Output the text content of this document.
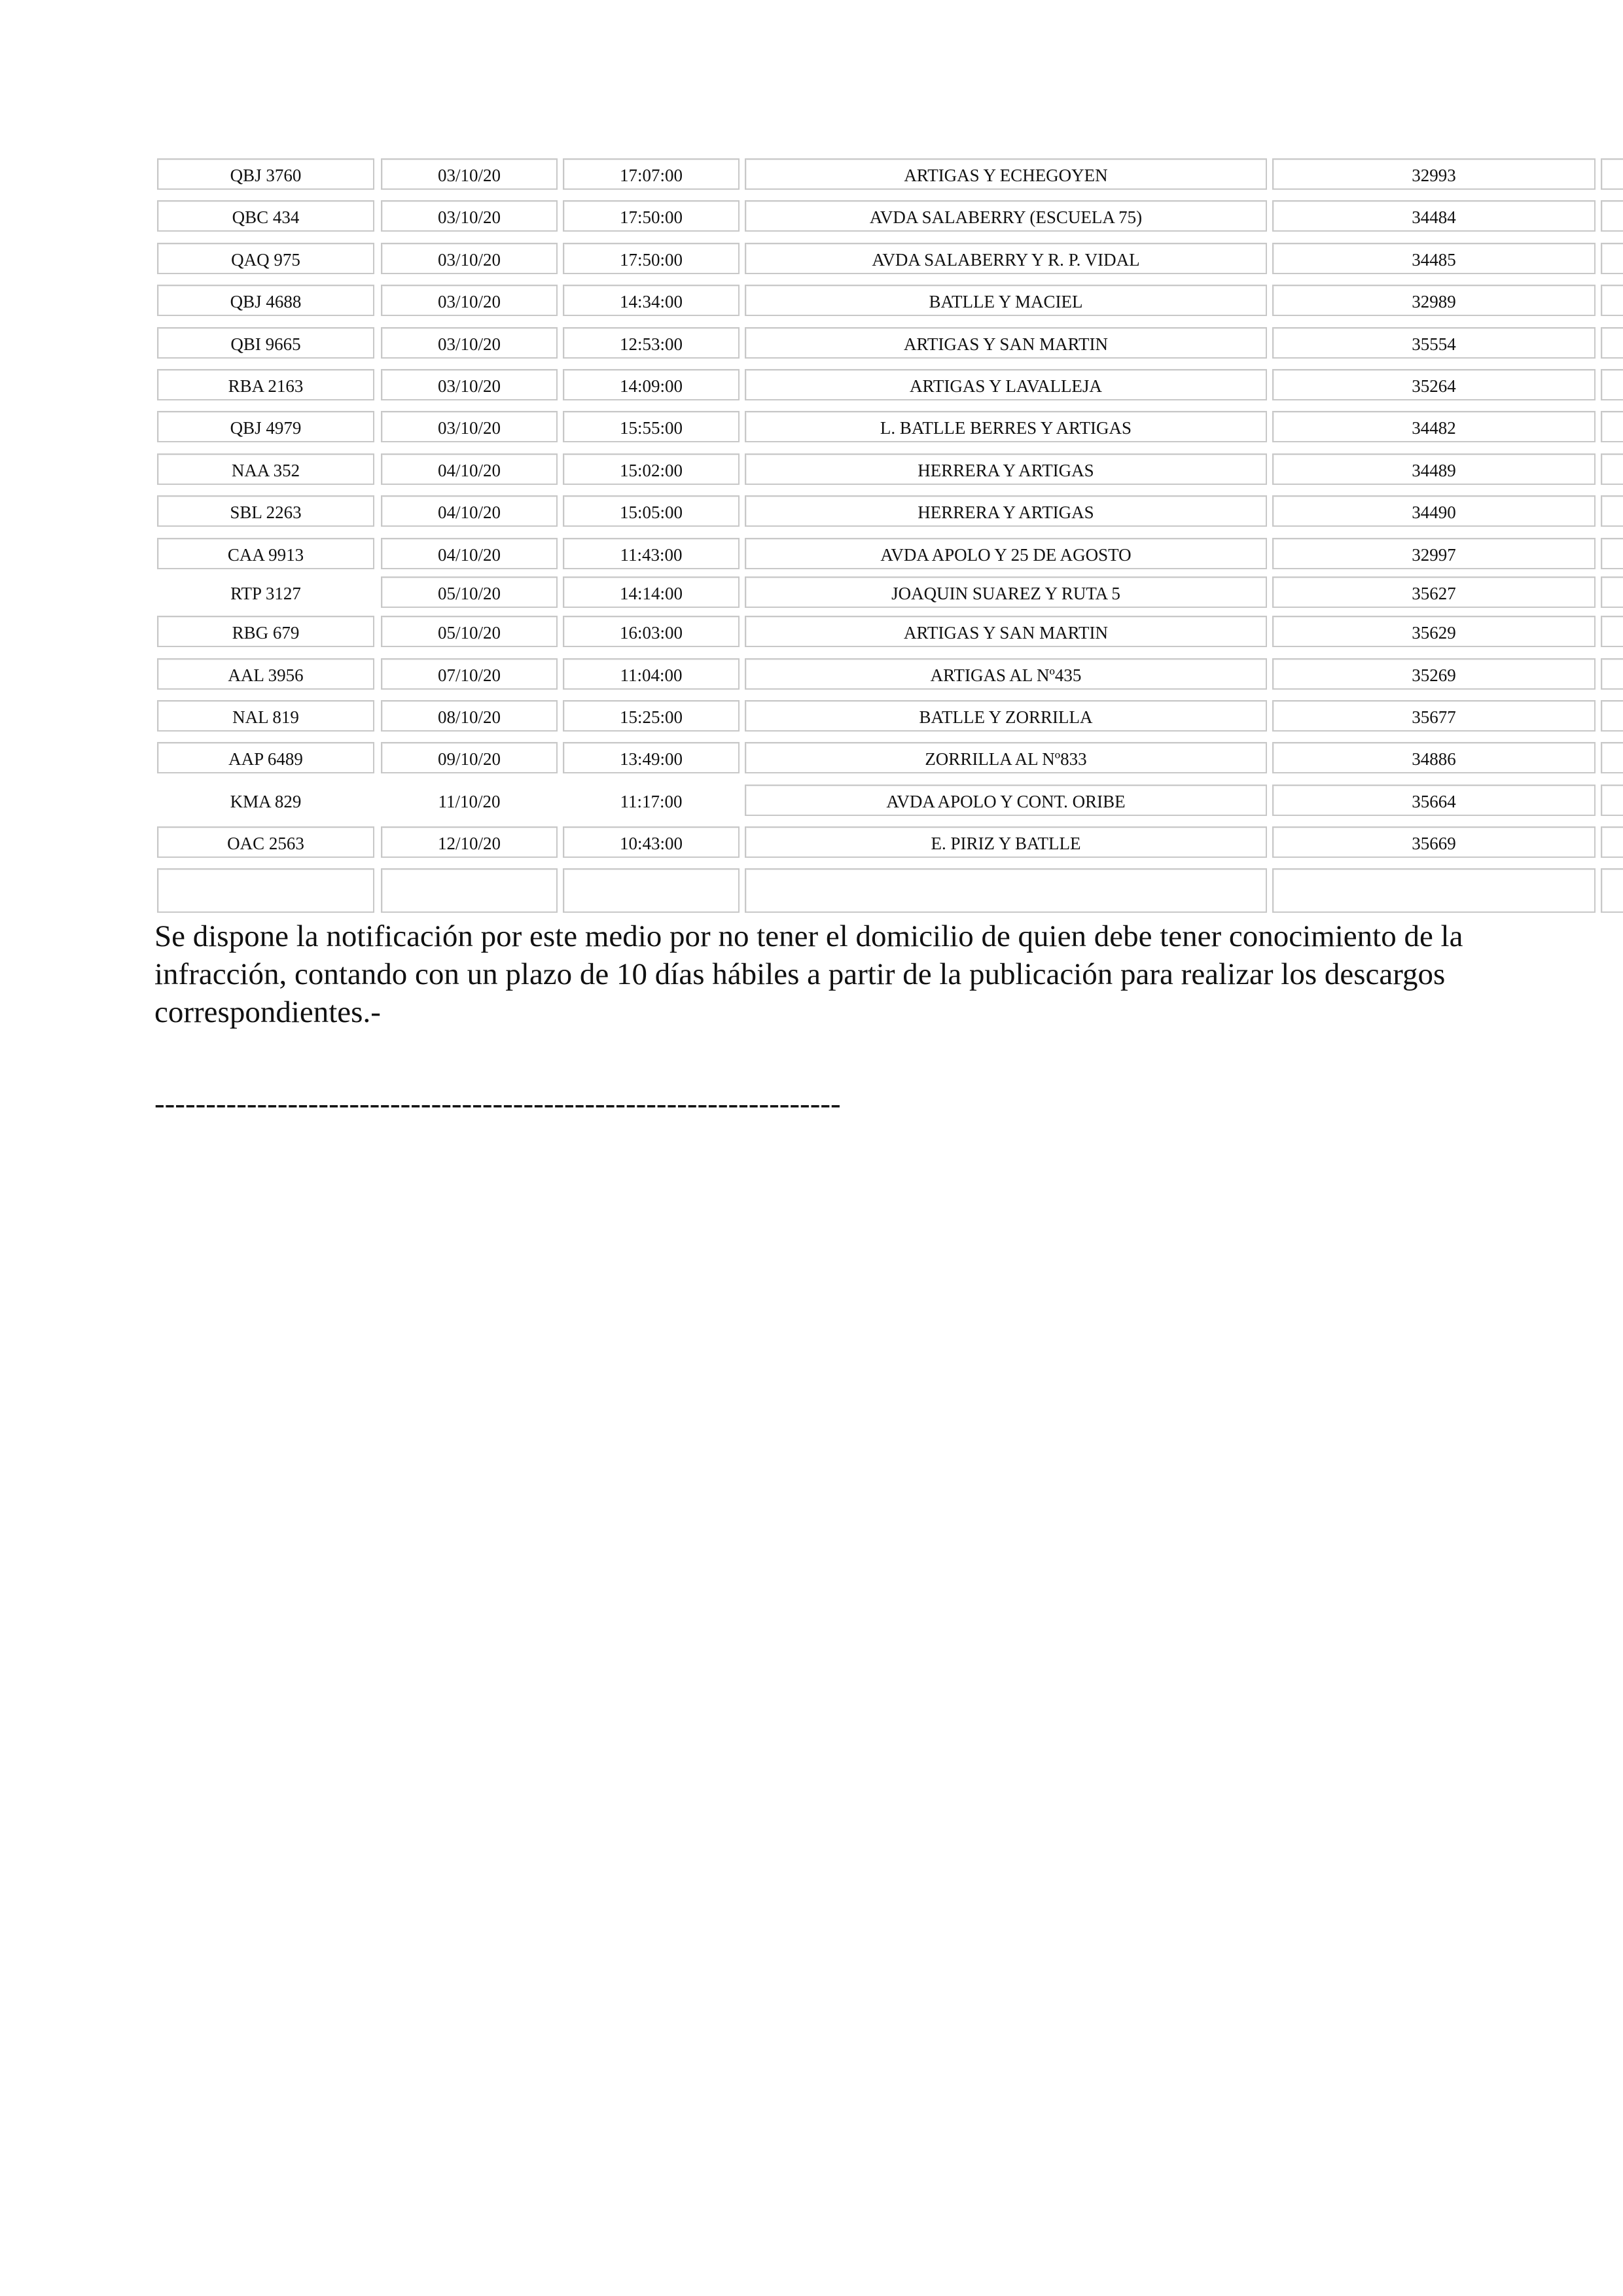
QBJ 3760	03/10/20	17:07:00	ARTIGAS Y ECHEGOYEN	32993
QBC 434	03/10/20	17:50:00	AVDA SALABERRY (ESCUELA 75)	34484
QAQ 975	03/10/20	17:50:00	AVDA SALABERRY Y R. P. VIDAL	34485
QBJ 4688	03/10/20	14:34:00	BATLLE Y MACIEL	32989
QBI 9665	03/10/20	12:53:00	ARTIGAS Y SAN MARTIN	35554
RBA 2163	03/10/20	14:09:00	ARTIGAS Y LAVALLEJA	35264
QBJ 4979	03/10/20	15:55:00	L. BATLLE BERRES Y ARTIGAS	34482
NAA 352	04/10/20	15:02:00	HERRERA Y ARTIGAS	34489
SBL 2263	04/10/20	15:05:00	HERRERA Y ARTIGAS	34490
CAA 9913	04/10/20	11:43:00	AVDA APOLO Y 25 DE AGOSTO	32997
RTP 3127	05/10/20	14:14:00	JOAQUIN SUAREZ Y RUTA 5	35627
RBG 679	05/10/20	16:03:00	ARTIGAS Y SAN MARTIN	35629
AAL 3956	07/10/20	11:04:00	ARTIGAS AL Nº435	35269
NAL 819	08/10/20	15:25:00	BATLLE Y ZORRILLA	35677
AAP 6489	09/10/20	13:49:00	ZORRILLA AL Nº833	34886
KMA 829	11/10/20	11:17:00	AVDA APOLO Y CONT. ORIBE	35664
OAC 2563	12/10/20	10:43:00	E. PIRIZ Y BATLLE	35669

Se dispone la notificación por este medio por no tener el domicilio de quien debe tener conocimiento de la infracción, contando con un plazo de 10 días hábiles a partir de la publicación para realizar los descargos correspondientes.-

-------------------------------------------------------------------
